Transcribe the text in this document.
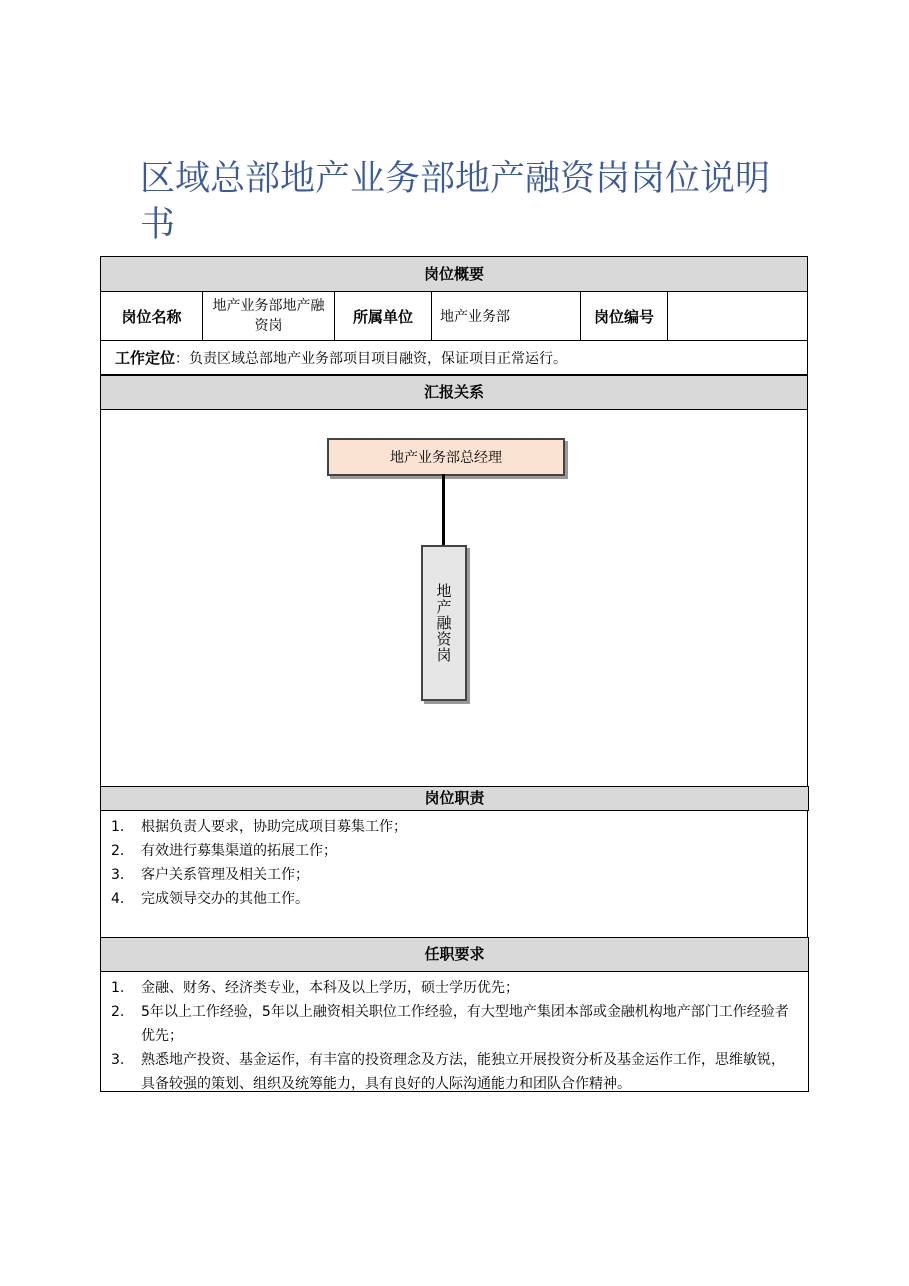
区域总部地产业务部地产融资岗岗位说明书
岗位概要
岗位名称
地产业务部地产融资岗
所属单位	地产业务部	岗位编号
工作定位 ：负责区域总部地产业务部项目项目融资，保证项目正常运行。
汇报关系
地产业务部总经理
地产融资岗
岗位职责
1. 根据负责人要求，协助完成项目募集工作；
2. 有效进行募集渠道的拓展工作；
3. 客户关系管理及相关工作；
4. 完成领导交办的其他工作。
任职要求
1. 金融、财务、经济类专业，本科及以上学历，硕士学历优先；
2. 5年以上工作经验，5年以上融资相关职位工作经验，有大型地产集团本部或金融机构地产部门工作经验者优先；
3. 熟悉地产投资、基金运作，有丰富的投资理念及方法，能独立开展投资分析及基金运作工作，思维敏锐，具备较强的策划、组织及统筹能力，具有良好的人际沟通能力和团队合作精神。
